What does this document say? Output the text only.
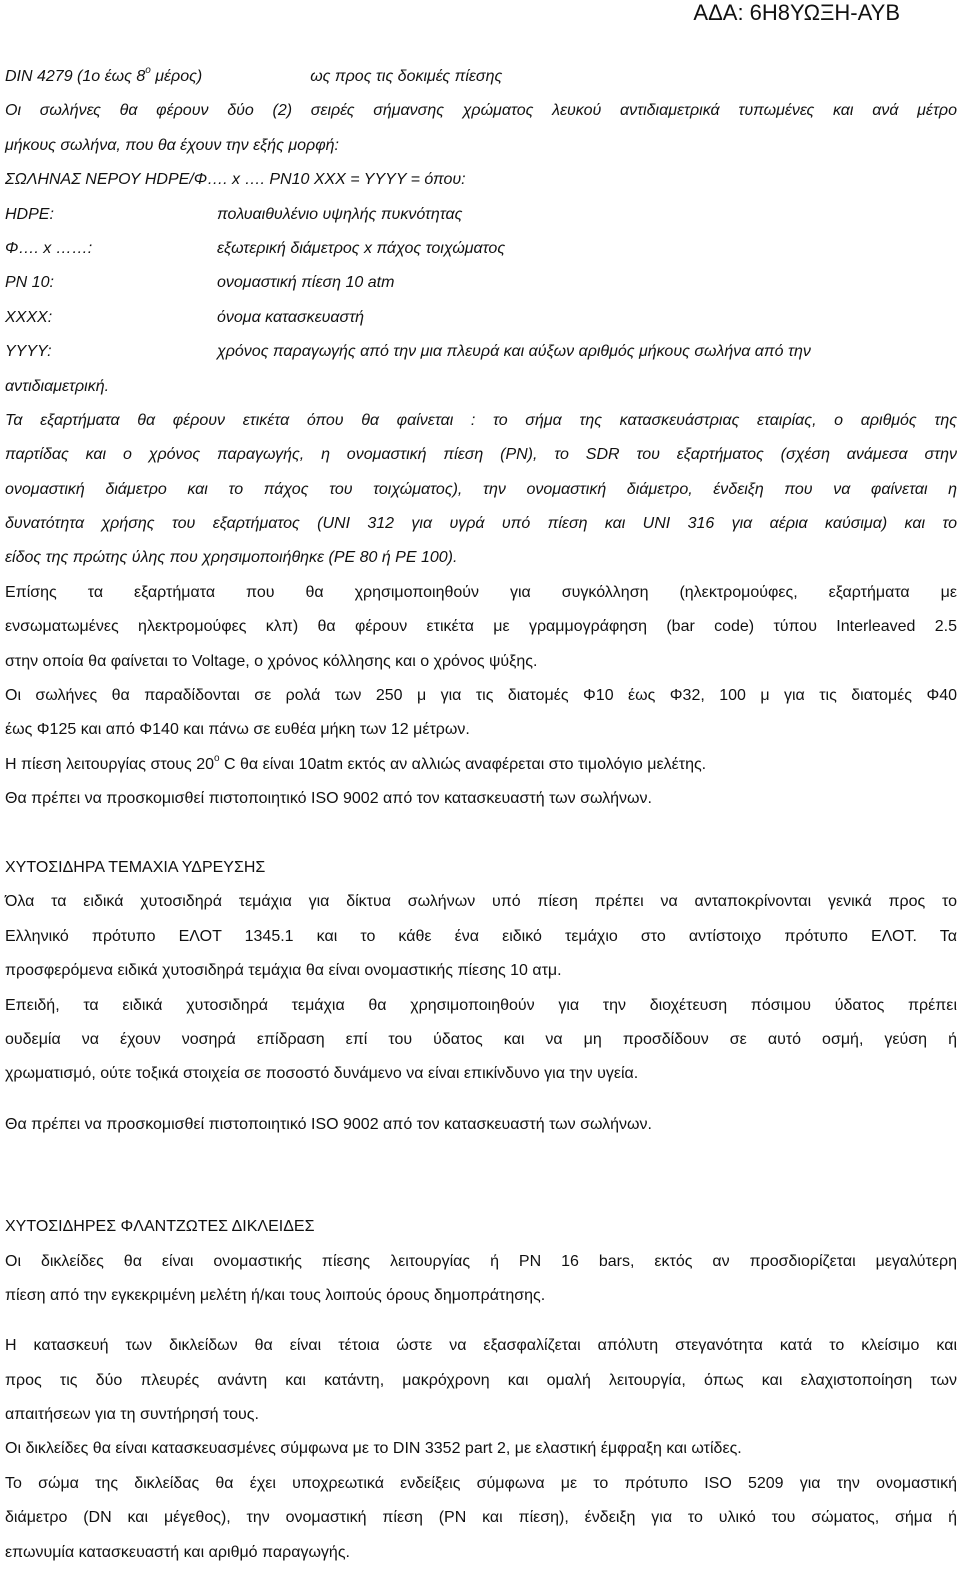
ΑΔΑ: 6Η8ΥΩΞΗ-ΑΥΒ
DIN 4279 (1ο έως $8^o$ μέρος)	ως προς τις δοκιμές πίεσης
Οι σωλήνες θα φέρουν δύο (2) σειρές σήμανσης χρώματος λευκού αντιδιαμετρικά τυπωμένες και ανά μέτρο
μήκους σωλήνα, που θα έχουν την εξής μορφή:
ΣΩΛΗΝΑΣ ΝΕΡΟΥ HDPE/Φ…. x …. PN10 XXX = YYYY = όπου:
HDPE:	πολυαιθυλένιο υψηλής πυκνότητας
Φ…. x ……:	εξωτερική διάμετρος x πάχος τοιχώματος
PN 10:	ονομαστική πίεση 10 atm
XXXX:	όνομα κατασκευαστή
YYYY:	χρόνος παραγωγής από την μια πλευρά και αύξων αριθμός μήκους σωλήνα από την
αντιδιαμετρική.
Τα εξαρτήματα θα φέρουν ετικέτα όπου θα φαίνεται : το σήμα της κατασκευάστριας εταιρίας, ο αριθμός της
παρτίδας και ο χρόνος παραγωγής, η ονομαστική πίεση (PN), το SDR του εξαρτήματος (σχέση ανάμεσα στην
ονομαστική διάμετρο και το πάχος του τοιχώματος), την ονομαστική διάμετρο, ένδειξη που να φαίνεται η
δυνατότητα χρήσης του εξαρτήματος (UNI 312 για υγρά υπό πίεση και UNI 316 για αέρια καύσιμα) και το
είδος της πρώτης ύλης που χρησιμοποιήθηκε (PE 80 ή PE 100).
Επίσης τα εξαρτήματα που θα χρησιμοποιηθούν για συγκόλληση (ηλεκτρομούφες, εξαρτήματα με
ενσωματωμένες ηλεκτρομούφες κλπ) θα φέρουν ετικέτα με γραμμογράφηση (bar code) τύπου Interleaved 2.5
στην οποία θα φαίνεται το Voltage, ο χρόνος κόλλησης και ο χρόνος ψύξης.
Οι σωλήνες θα παραδίδονται σε ρολά των 250 μ για τις διατομές Φ10 έως Φ32, 100 μ για τις διατομές Φ40
έως Φ125 και από Φ140 και πάνω σε ευθέα μήκη των 12 μέτρων.
Η πίεση λειτουργίας στους $20^o$ C θα είναι 10atm εκτός αν αλλιώς αναφέρεται στο τιμολόγιο μελέτης.
Θα πρέπει να προσκομισθεί πιστοποιητικό ISO 9002 από τον κατασκευαστή των σωλήνων.
ΧΥΤΟΣΙΔΗΡΑ ΤΕΜΑΧΙΑ ΥΔΡΕΥΣΗΣ
Όλα τα ειδικά χυτοσιδηρά τεμάχια για δίκτυα σωλήνων υπό πίεση πρέπει να ανταποκρίνονται γενικά προς το
Ελληνικό πρότυπο ΕΛΟΤ 1345.1 και το κάθε ένα ειδικό τεμάχιο στο αντίστοιχο πρότυπο ΕΛΟΤ. Τα
προσφερόμενα ειδικά χυτοσιδηρά τεμάχια θα είναι ονομαστικής πίεσης 10 ατμ.
Επειδή, τα ειδικά χυτοσιδηρά τεμάχια θα χρησιμοποιηθούν για την διοχέτευση πόσιμου ύδατος πρέπει
ουδεμία να έχουν νοσηρά επίδραση επί του ύδατος και να μη προσδίδουν σε αυτό οσμή, γεύση ή
χρωματισμό, ούτε τοξικά στοιχεία σε ποσοστό δυνάμενο να είναι επικίνδυνο για την υγεία.
Θα πρέπει να προσκομισθεί πιστοποιητικό ISO 9002 από τον κατασκευαστή των σωλήνων.
ΧΥΤΟΣΙΔΗΡΕΣ ΦΛΑΝΤΖΩΤΕΣ ΔΙΚΛΕΙΔΕΣ
Οι δικλείδες θα είναι ονομαστικής πίεσης λειτουργίας ή PN 16 bars, εκτός αν προσδιορίζεται μεγαλύτερη
πίεση από την εγκεκριμένη μελέτη ή/και τους λοιπούς όρους δημοπράτησης.
Η κατασκευή των δικλείδων θα είναι τέτοια ώστε να εξασφαλίζεται απόλυτη στεγανότητα κατά το κλείσιμο και
προς τις δύο πλευρές ανάντη και κατάντη, μακρόχρονη και ομαλή λειτουργία, όπως και ελαχιστοποίηση των
απαιτήσεων για τη συντήρησή τους.
Οι δικλείδες θα είναι κατασκευασμένες σύμφωνα με το DIN 3352 part 2, με ελαστική έμφραξη και ωτίδες.
Το σώμα της δικλείδας θα έχει υποχρεωτικά ενδείξεις σύμφωνα με το πρότυπο ISO 5209 για την ονομαστική
διάμετρο (DN και μέγεθος), την ονομαστική πίεση (PN και πίεση), ένδειξη για το υλικό του σώματος, σήμα ή
επωνυμία κατασκευαστή και αριθμό παραγωγής.
